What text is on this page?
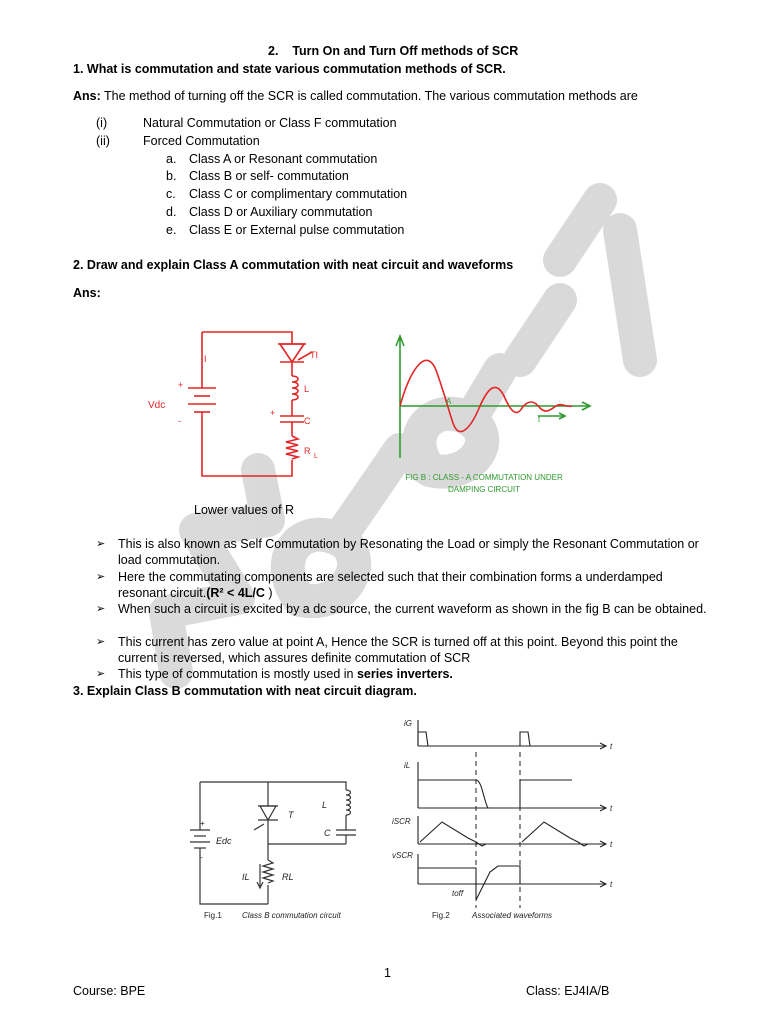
2. Turn On and Turn Off methods of SCR
1. What is commutation and state various commutation methods of SCR.
Ans: The method of turning off the SCR is called commutation. The various commutation methods are
(i)	Natural Commutation or Class F commutation
(ii)	Forced Commutation
a. Class A or Resonant commutation
b. Class B or self- commutation
c. Class C or complimentary commutation
d. Class D or Auxiliary commutation
e. Class E or External pulse commutation
2. Draw and explain Class A commutation with neat circuit and waveforms
Ans:
I
Vdc
+
-
TI
L
C
+
R
L
A
t
FIG B : CLASS - A COMMUTATION UNDER
DAMPING CIRCUIT
Lower values of R
➢ This is also known as Self Commutation by Resonating the Load or simply the Resonant Commutation or load commutation.
➢ Here the commutating components are selected such that their combination forms a underdamped resonant circuit.(R² < 4L/C )
➢ When such a circuit is excited by a dc source, the current waveform as shown in the fig B can be obtained.
➢ This current has zero value at point A, Hence the SCR is turned off at this point. Beyond this point the current is reversed, which assures definite commutation of SCR
➢ This type of commutation is mostly used in series inverters.
3. Explain Class B commutation with neat circuit diagram.
Edc
+
-
T
L
C
IL	RL
Fig.1	Class B commutation circuit
iG
iL
iSCR
vSCR
toff
t
t
t
t
Fig.2	Associated waveforms
1
Course: BPE	Class: EJ4IA/B
